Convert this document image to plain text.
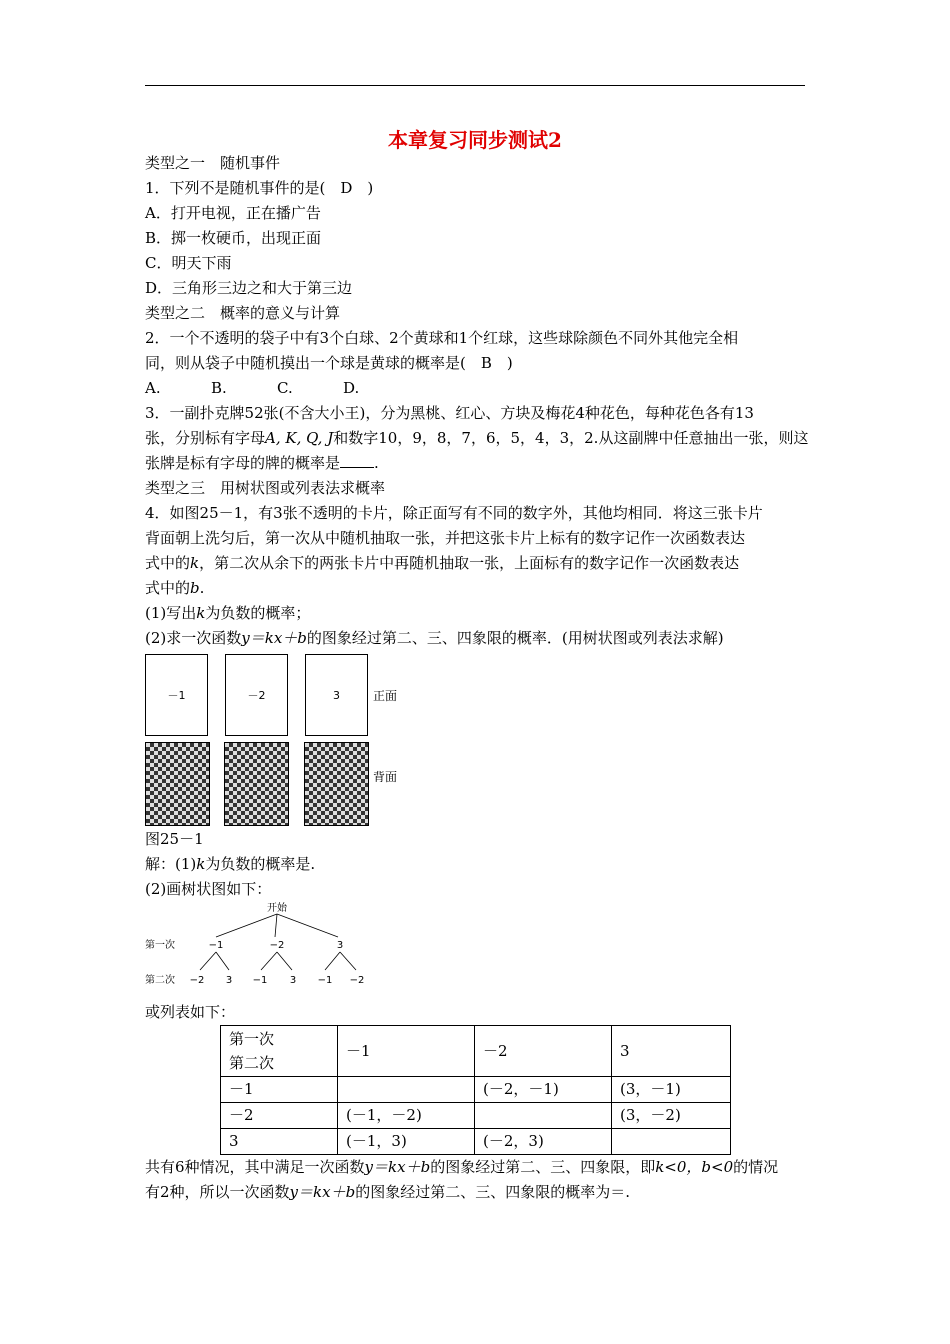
本章复习同步测试2
类型之一　随机事件
1．下列不是随机事件的是(　D　)
A．打开电视，正在播广告
B．掷一枚硬币，出现正面
C．明天下雨
D．三角形三边之和大于第三边
类型之二　概率的意义与计算
2．一个不透明的袋子中有3个白球、2个黄球和1个红球，这些球除颜色不同外其他完全相
同，则从袋子中随机摸出一个球是黄球的概率是(　B　)
A.	B.	C.	D.
3．一副扑克牌52张(不含大小王)，分为黑桃、红心、方块及梅花4种花色，每种花色各有13
张，分别标有字母A, K, Q, J和数字10，9，8，7，6，5，4，3，2.从这副牌中任意抽出一张，则这
张牌是标有字母的牌的概率是 .
类型之三　用树状图或列表法求概率
4．如图25－1，有3张不透明的卡片，除正面写有不同的数字外，其他均相同．将这三张卡片
背面朝上洗匀后，第一次从中随机抽取一张，并把这张卡片上标有的数字记作一次函数表达
式中的k，第二次从余下的两张卡片中再随机抽取一张，上面标有的数字记作一次函数表达
式中的b.
(1)写出k为负数的概率；
(2)求一次函数y＝kx＋b的图象经过第二、三、四象限的概率．(用树状图或列表法求解)
－1	－2	3	正面
背面
图25－1
解：(1)k为负数的概率是.
(2)画树状图如下：
开始
第一次	−1	−2	3
第二次 −2 3 −1 3 −1 −2
或列表如下：
第一次
第二次	－1	－2	3
－1		(－2，－1)	(3，－1)
－2	(－1，－2)		(3，－2)
3	(－1，3)	(－2，3)	
共有6种情况，其中满足一次函数y＝kx＋b的图象经过第二、三、四象限，即k<0，b<0的情况
有2种，所以一次函数y＝kx＋b的图象经过第二、三、四象限的概率为＝.
